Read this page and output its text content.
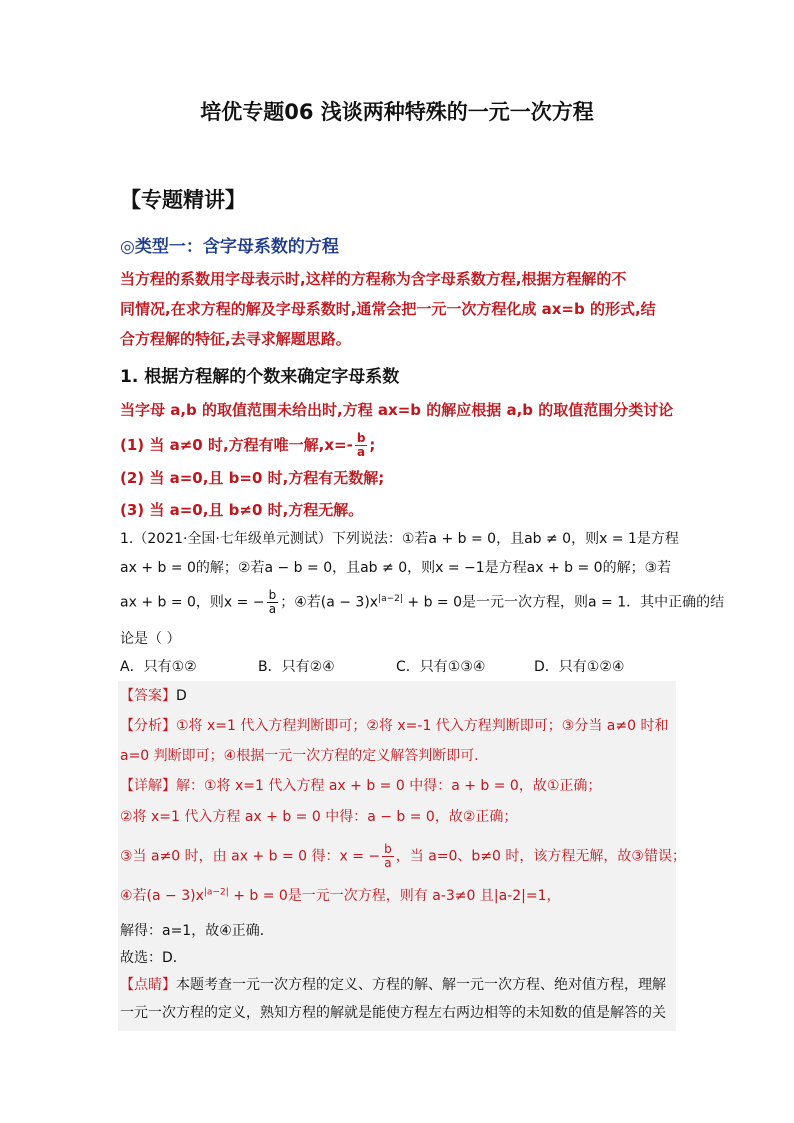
培优专题06 浅谈两种特殊的一元一次方程
【专题精讲】
◎类型一：含字母系数的方程
当方程的系数用字母表示时,这样的方程称为含字母系数方程,根据方程解的不
同情况,在求方程的解及字母系数时,通常会把一元一次方程化成 ax=b 的形式,结
合方程解的特征,去寻求解题思路。
1. 根据方程解的个数来确定字母系数
当字母 a,b 的取值范围未给出时,方程 ax=b 的解应根据 a,b 的取值范围分类讨论
(1) 当 a≠0 时,方程有唯一解$,x=- \frac{b}{a}$ ;
(2) 当 a=0,且 b=0 时,方程有无数解;
(3) 当 a=0,且 b≠0 时,方程无解。
1.（2021·全国·七年级单元测试）下列说法：①若a + b = 0，且ab ≠ 0，则x = 1是方程
ax + b = 0的解；②若a − b = 0，且ab ≠ 0，则x = −1是方程ax + b = 0的解；③若
ax + b = 0，则x = − $\frac{b}{a}$ ；④若$(a - 3)x^{|a-2|} + b = 0$是一元一次方程，则a = 1．其中正确的结
论是（ ）
A．只有①②	B．只有②④	C．只有①③④	D．只有①②④
【答案】D
【分析】①将 x=1 代入方程判断即可；②将 x=-1 代入方程判断即可；③分当 a≠0 时和
a=0 判断即可；④根据一元一次方程的定义解答判断即可．
【详解】解：①将 x=1 代入方程 ax + b = 0 中得：a + b = 0，故①正确；
②将 x=1 代入方程 ax + b = 0 中得：a − b = 0，故②正确；
③当 a≠0 时，由 ax + b = 0 得：x = − $\frac{b}{a}$ ，当 a=0、b≠0 时，该方程无解，故③错误；
④若$(a - 3)x^{|a-2|} + b = 0$是一元一次方程，则有 a-3≠0 且|a-2|=1，
解得：a=1，故④正确．
故选：D．
【点睛】本题考查一元一次方程的定义、方程的解、解一元一次方程、绝对值方程，理解
一元一次方程的定义，熟知方程的解就是能使方程左右两边相等的未知数的值是解答的关
